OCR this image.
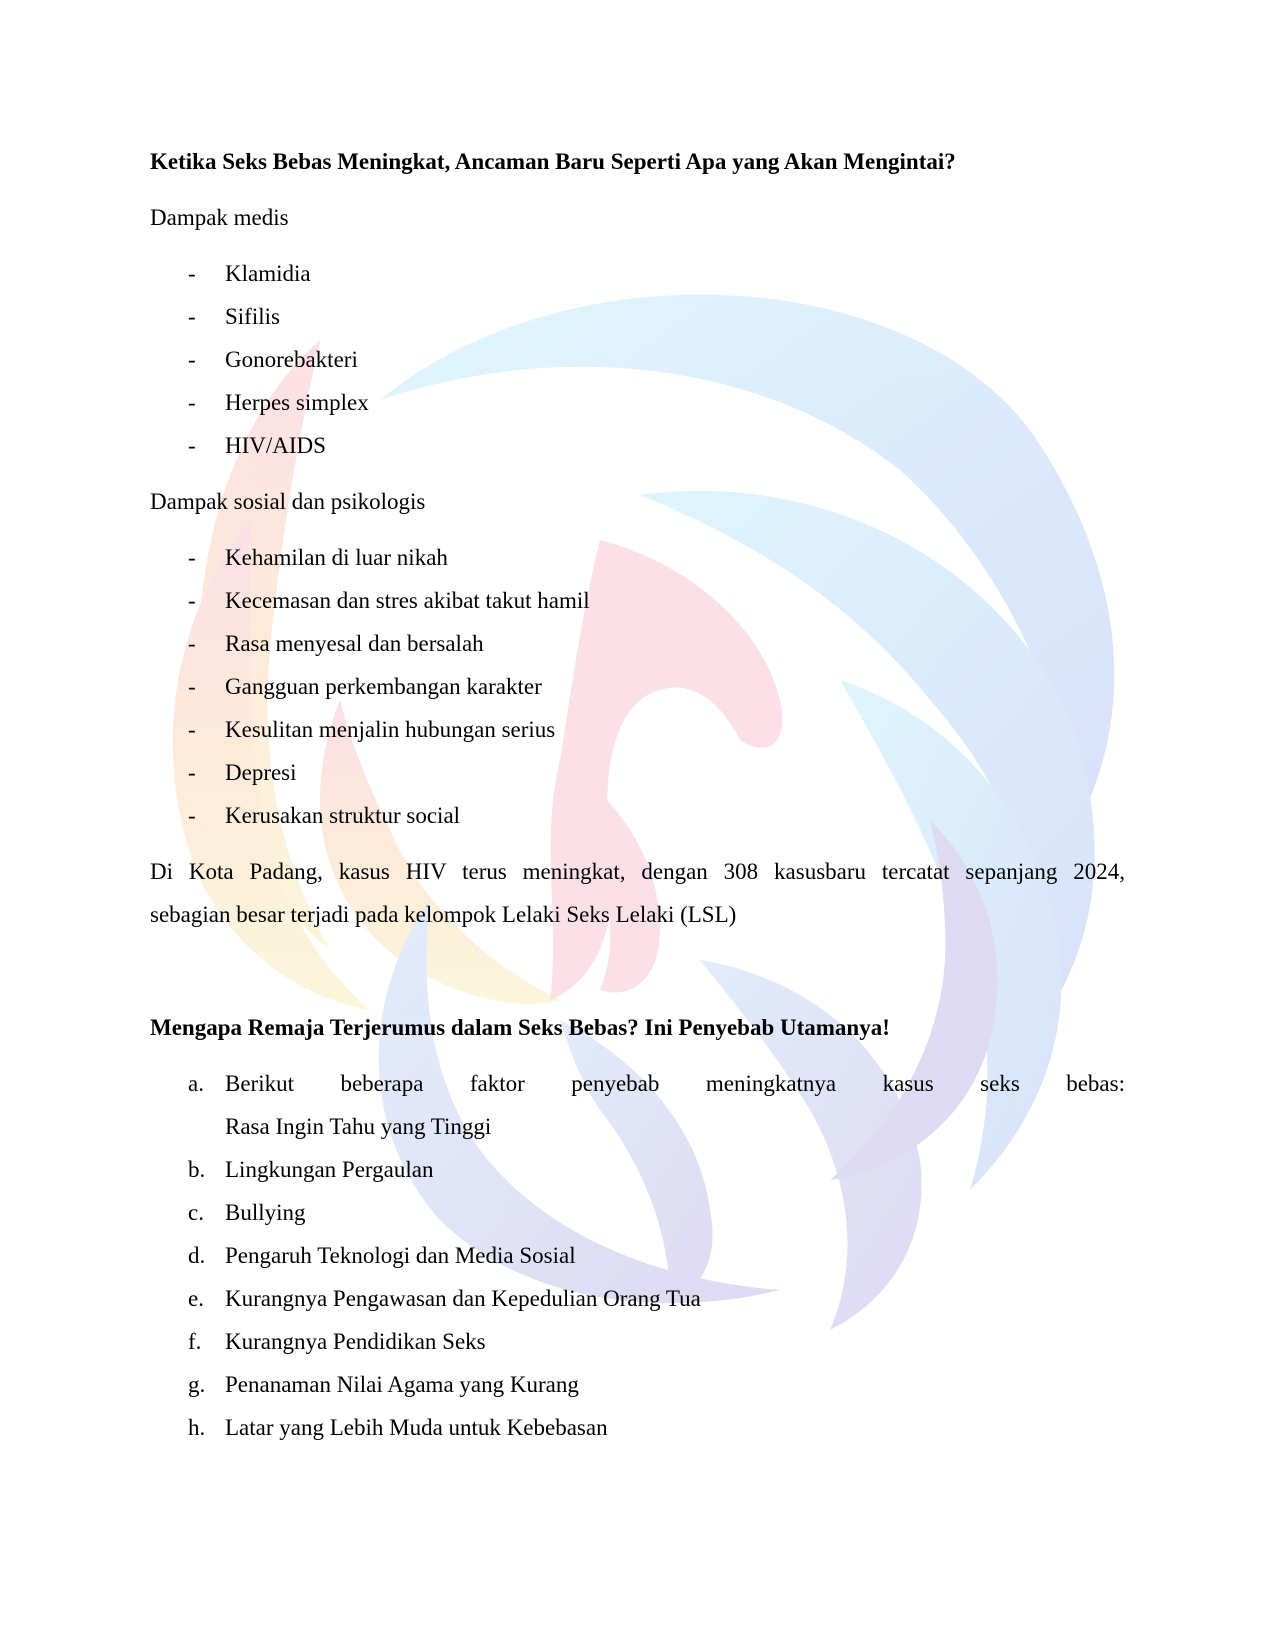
Ketika Seks Bebas Meningkat, Ancaman Baru Seperti Apa yang Akan Mengintai?

Dampak medis

- Klamidia
- Sifilis
- Gonorebakteri
- Herpes simplex
- HIV/AIDS

Dampak sosial dan psikologis

- Kehamilan di luar nikah
- Kecemasan dan stres akibat takut hamil
- Rasa menyesal dan bersalah
- Gangguan perkembangan karakter
- Kesulitan menjalin hubungan serius
- Depresi
- Kerusakan struktur social
Di Kota Padang, kasus HIV terus meningkat, dengan 308 kasusbaru tercatat sepanjang 2024,
sebagian besar terjadi pada kelompok Lelaki Seks Lelaki (LSL)
Mengapa Remaja Terjerumus dalam Seks Bebas? Ini Penyebab Utamanya!
a. Berikut beberapa faktor penyebab meningkatnya kasus seks bebas:
Rasa Ingin Tahu yang Tinggi
b. Lingkungan Pergaulan
c. Bullying
d. Pengaruh Teknologi dan Media Sosial
e. Kurangnya Pengawasan dan Kepedulian Orang Tua
f. Kurangnya Pendidikan Seks
g. Penanaman Nilai Agama yang Kurang
h. Latar yang Lebih Muda untuk Kebebasan
